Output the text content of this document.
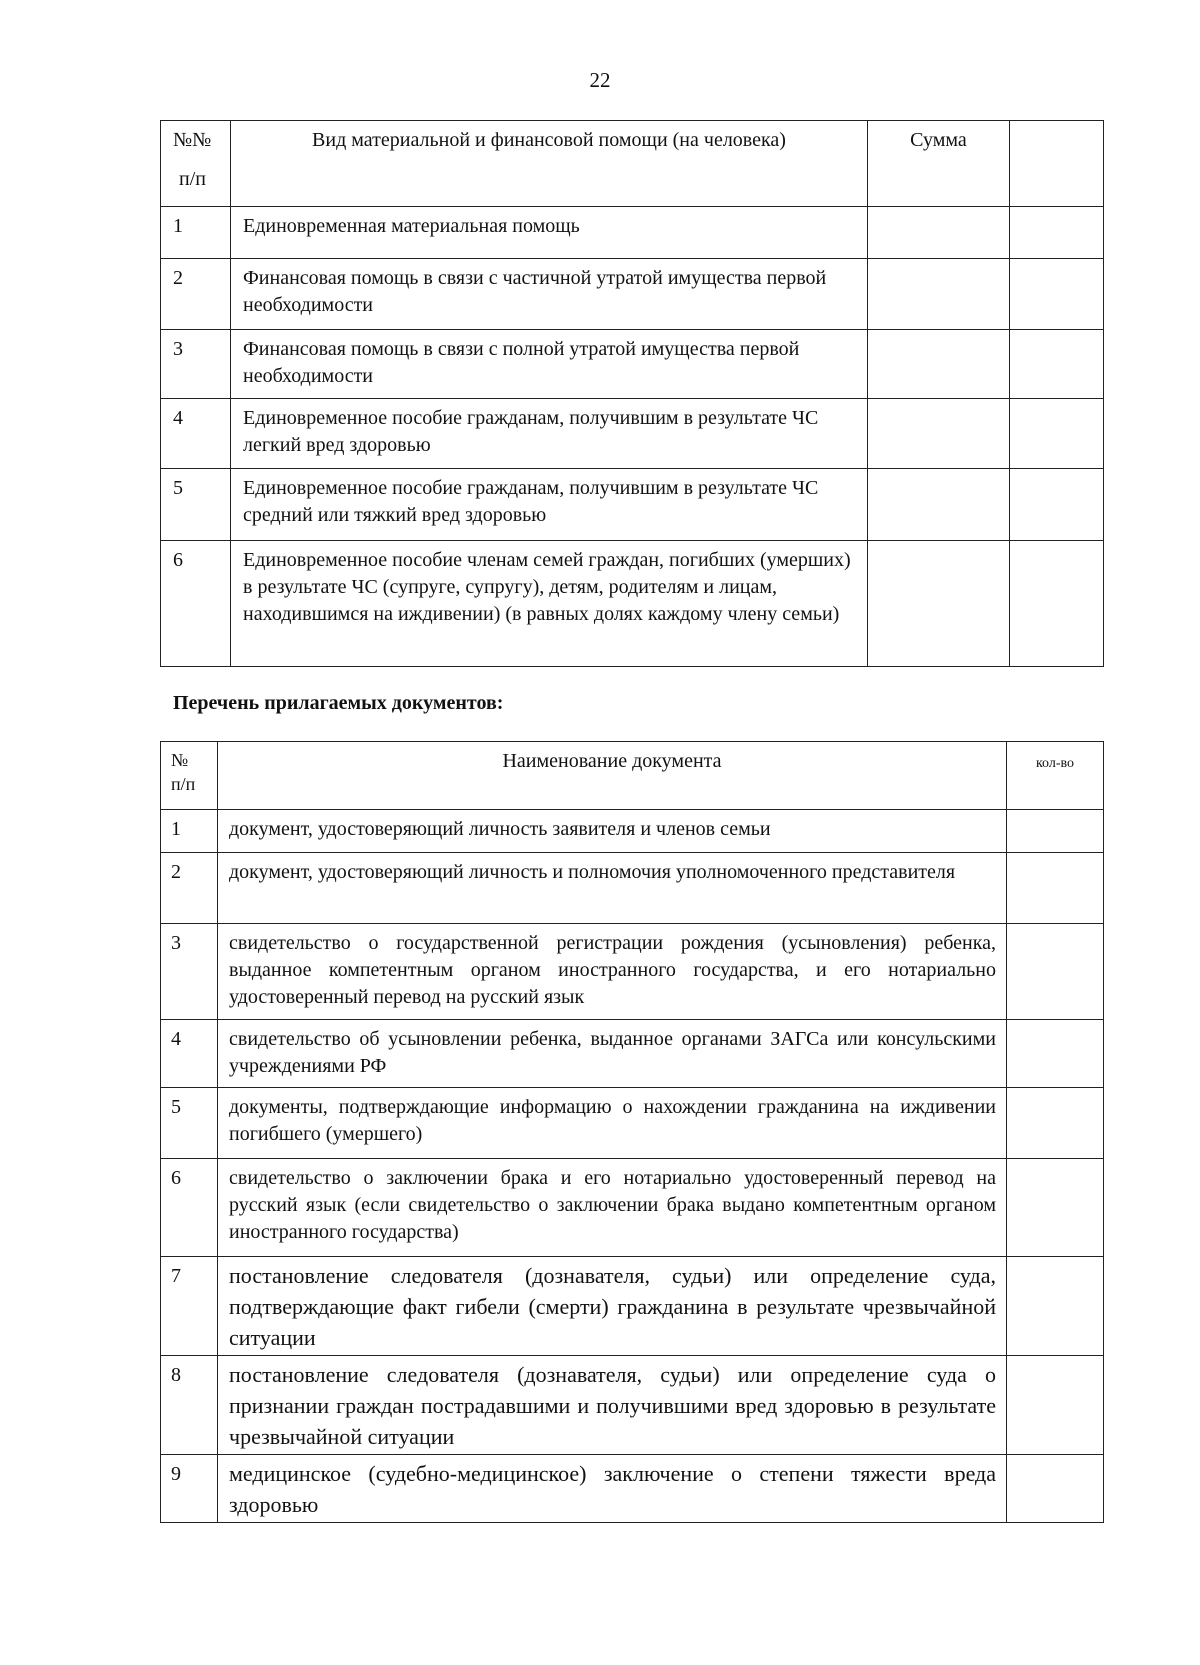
22
№№
п/п	Вид материальной и финансовой помощи (на человека)	Сумма	
1	Единовременная материальная помощь		
2	Финансовая помощь в связи с частичной утратой имущества первой необходимости		
3	Финансовая помощь в связи с полной утратой имущества первой необходимости		
4	Единовременное пособие гражданам, получившим в результате ЧС легкий вред здоровью		
5	Единовременное пособие гражданам, получившим в результате ЧС средний или тяжкий вред здоровью		
6	Единовременное пособие членам семей граждан, погибших (умерших) в результате ЧС (супруге, супругу), детям, родителям и лицам, находившимся на иждивении) (в равных долях каждому члену семьи)		
Перечень прилагаемых документов:
№
п/п	Наименование документа	кол-во
1	документ, удостоверяющий личность заявителя и членов семьи	
2	документ, удостоверяющий личность и полномочия уполномоченного представителя	
3	свидетельство о государственной регистрации рождения (усыновления) ребенка, выданное компетентным органом иностранного государства, и его нотариально удостоверенный перевод на русский язык	
4	свидетельство об усыновлении ребенка, выданное органами ЗАГСа или консульскими учреждениями РФ	
5	документы, подтверждающие информацию о нахождении гражданина на иждивении погибшего (умершего)	
6	свидетельство о заключении брака и его нотариально удостоверенный перевод на русский язык (если свидетельство о заключении брака выдано компетентным органом иностранного государства)	
7	постановление следователя (дознавателя, судьи) или определение суда, подтверждающие факт гибели (смерти) гражданина в результате чрезвычайной ситуации	
8	постановление следователя (дознавателя, судьи) или определение суда о признании граждан пострадавшими и получившими вред здоровью в результате чрезвычайной ситуации	
9	медицинское (судебно-медицинское) заключение о степени тяжести вреда здоровью	
